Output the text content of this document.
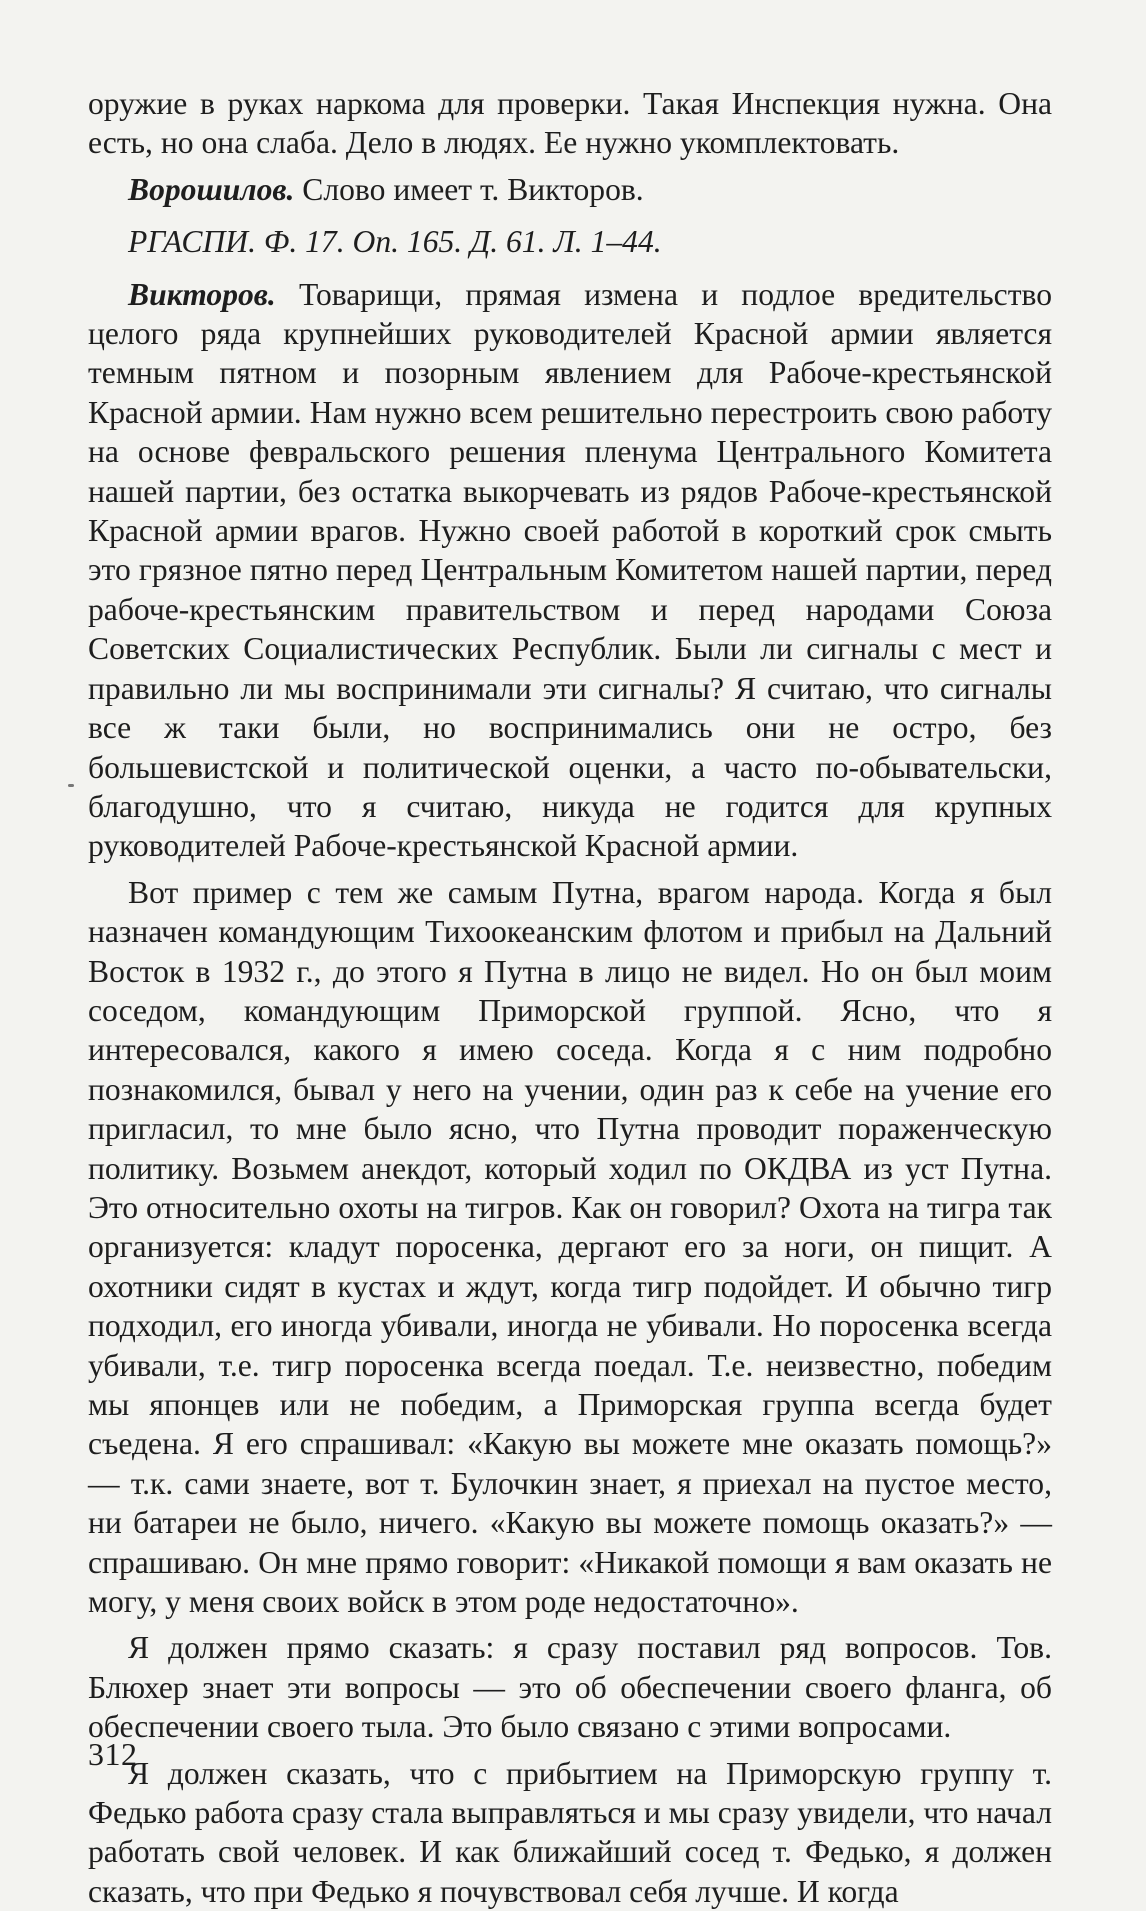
оружие в руках наркома для проверки. Такая Инспекция нужна. Она есть, но она слаба. Дело в людях. Ее нужно укомплектовать.

Ворошилов. Слово имеет т. Викторов.

РГАСПИ. Ф. 17. Оп. 165. Д. 61. Л. 1–44.

Викторов. Товарищи, прямая измена и подлое вредительство целого ряда крупнейших руководителей Красной армии является темным пятном и позорным явлением для Рабоче-крестьянской Красной армии. Нам нужно всем решительно перестроить свою работу на основе февральского решения пленума Центрального Комитета нашей партии, без остатка выкорчевать из рядов Рабоче-крестьянской Красной армии врагов. Нужно своей работой в короткий срок смыть это грязное пятно перед Центральным Комитетом нашей партии, перед рабоче-крестьянским правительством и перед народами Союза Советских Социалистических Республик. Были ли сигналы с мест и правильно ли мы воспринимали эти сигналы? Я считаю, что сигналы все ж таки были, но воспринимались они не остро, без большевистской и политической оценки, а часто по-обывательски, благодушно, что я считаю, никуда не годится для крупных руководителей Рабоче-крестьянской Красной армии.

Вот пример с тем же самым Путна, врагом народа. Когда я был назначен командующим Тихоокеанским флотом и прибыл на Дальний Восток в 1932 г., до этого я Путна в лицо не видел. Но он был моим соседом, командующим Приморской группой. Ясно, что я интересовался, какого я имею соседа. Когда я с ним подробно познакомился, бывал у него на учении, один раз к себе на учение его пригласил, то мне было ясно, что Путна проводит пораженческую политику. Возьмем анекдот, который ходил по ОКДВА из уст Путна. Это относительно охоты на тигров. Как он говорил? Охота на тигра так организуется: кладут поросенка, дергают его за ноги, он пищит. А охотники сидят в кустах и ждут, когда тигр подойдет. И обычно тигр подходил, его иногда убивали, иногда не убивали. Но поросенка всегда убивали, т.е. тигр поросенка всегда поедал. Т.е. неизвестно, победим мы японцев или не победим, а Приморская группа всегда будет съедена. Я его спрашивал: «Какую вы можете мне оказать помощь?» — т.к. сами знаете, вот т. Булочкин знает, я приехал на пустое место, ни батареи не было, ничего. «Какую вы можете помощь оказать?» — спрашиваю. Он мне прямо говорит: «Никакой помощи я вам оказать не могу, у меня своих войск в этом роде недостаточно».

Я должен прямо сказать: я сразу поставил ряд вопросов. Тов. Блюхер знает эти вопросы — это об обеспечении своего фланга, об обеспечении своего тыла. Это было связано с этими вопросами.

Я должен сказать, что с прибытием на Приморскую группу т. Федько работа сразу стала выправляться и мы сразу увидели, что начал работать свой человек. И как ближайший сосед т. Федько, я должен сказать, что при Федько я почувствовал себя лучше. И когда

312
